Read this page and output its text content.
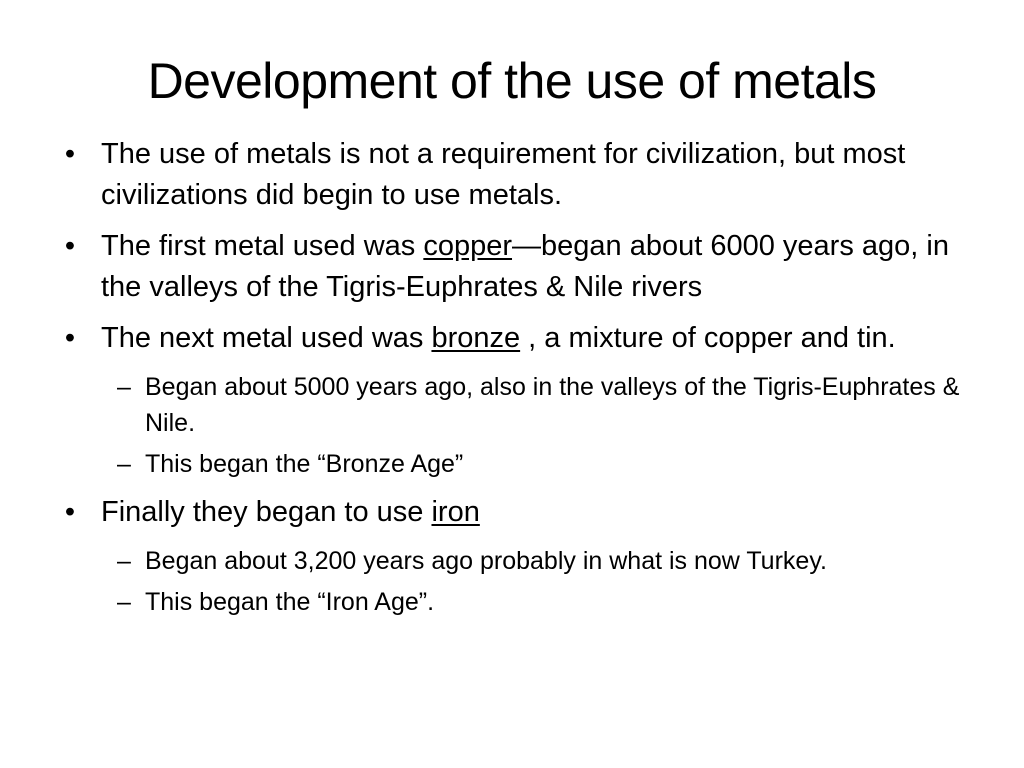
Development of the use of metals
• The use of metals is not a requirement for civilization, but most civilizations did begin to use metals.
• The first metal used was copper—began about 6000 years ago, in the valleys of the Tigris-Euphrates & Nile rivers
• The next metal used was bronze , a mixture of copper and tin.
– Began about 5000 years ago, also in the valleys of the Tigris-Euphrates & Nile.
– This began the “Bronze Age”
• Finally they began to use iron
– Began about 3,200 years ago probably in what is now Turkey.
– This began the “Iron Age”.
